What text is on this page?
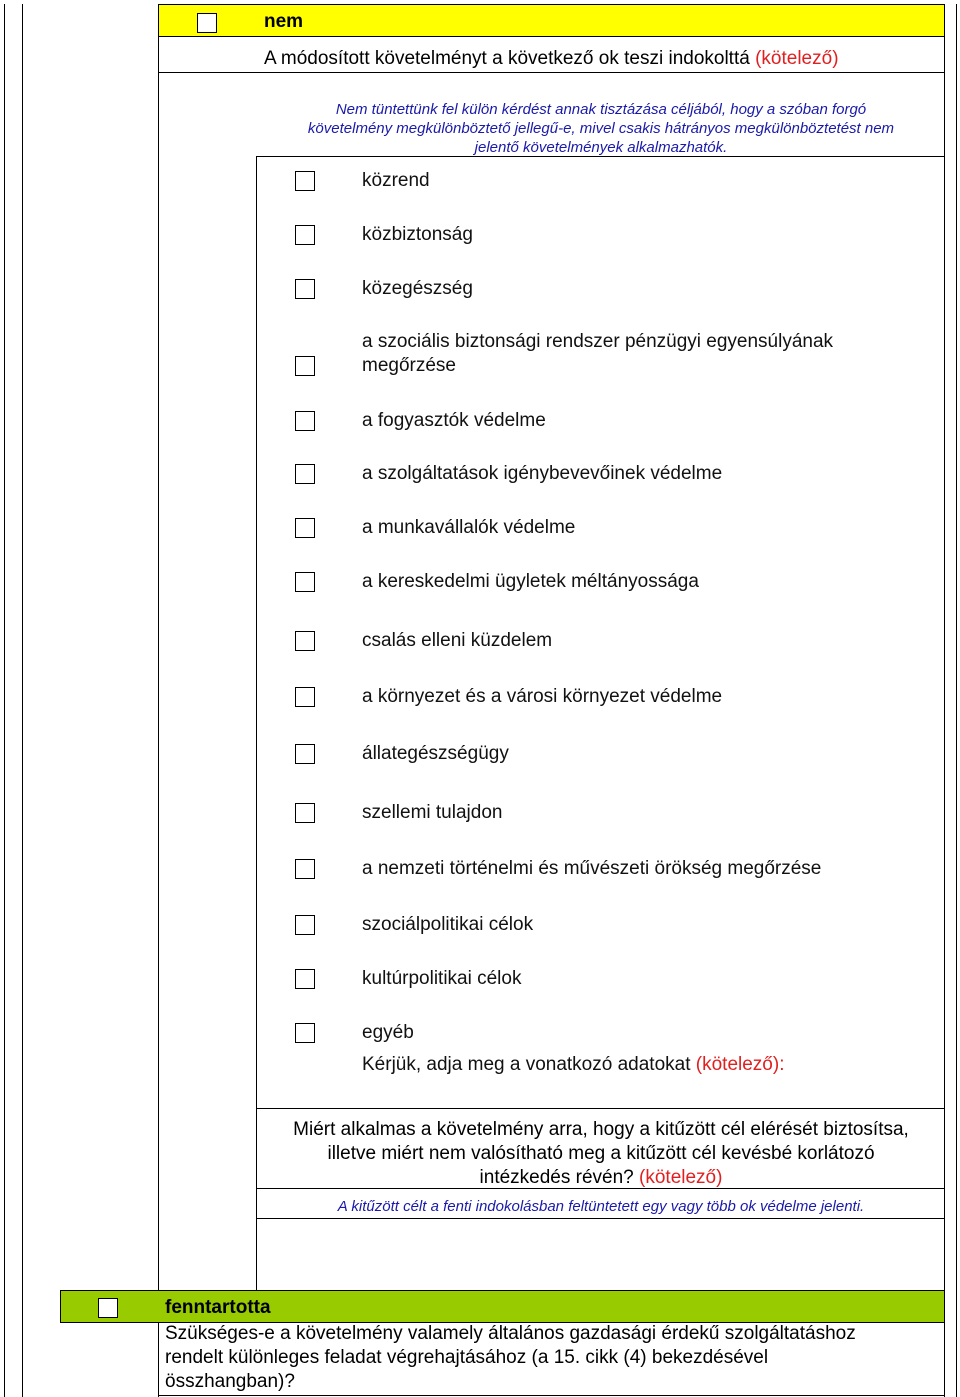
nem
A módosított követelményt a következő ok teszi indokolttá (kötelező)
Nem tüntettünk fel külön kérdést annak tisztázása céljából, hogy a szóban forgó
követelmény megkülönböztető jellegű-e, mivel csakis hátrányos megkülönböztetést nem
jelentő követelmények alkalmazhatók.
közrend
közbiztonság
közegészség
a szociális biztonsági rendszer pénzügyi egyensúlyának
megőrzése
a fogyasztók védelme
a szolgáltatások igénybevevőinek védelme
a munkavállalók védelme
a kereskedelmi ügyletek méltányossága
csalás elleni küzdelem
a környezet és a városi környezet védelme
állategészségügy
szellemi tulajdon
a nemzeti történelmi és művészeti örökség megőrzése
szociálpolitikai célok
kultúrpolitikai célok
egyéb
Kérjük, adja meg a vonatkozó adatokat (kötelező):
Miért alkalmas a követelmény arra, hogy a kitűzött cél elérését biztosítsa,
illetve miért nem valósítható meg a kitűzött cél kevésbé korlátozó
intézkedés révén? (kötelező)
A kitűzött célt a fenti indokolásban feltüntetett egy vagy több ok védelme jelenti.
fenntartotta
Szükséges-e a követelmény valamely általános gazdasági érdekű szolgáltatáshoz
rendelt különleges feladat végrehajtásához (a 15. cikk (4) bekezdésével
összhangban)?
